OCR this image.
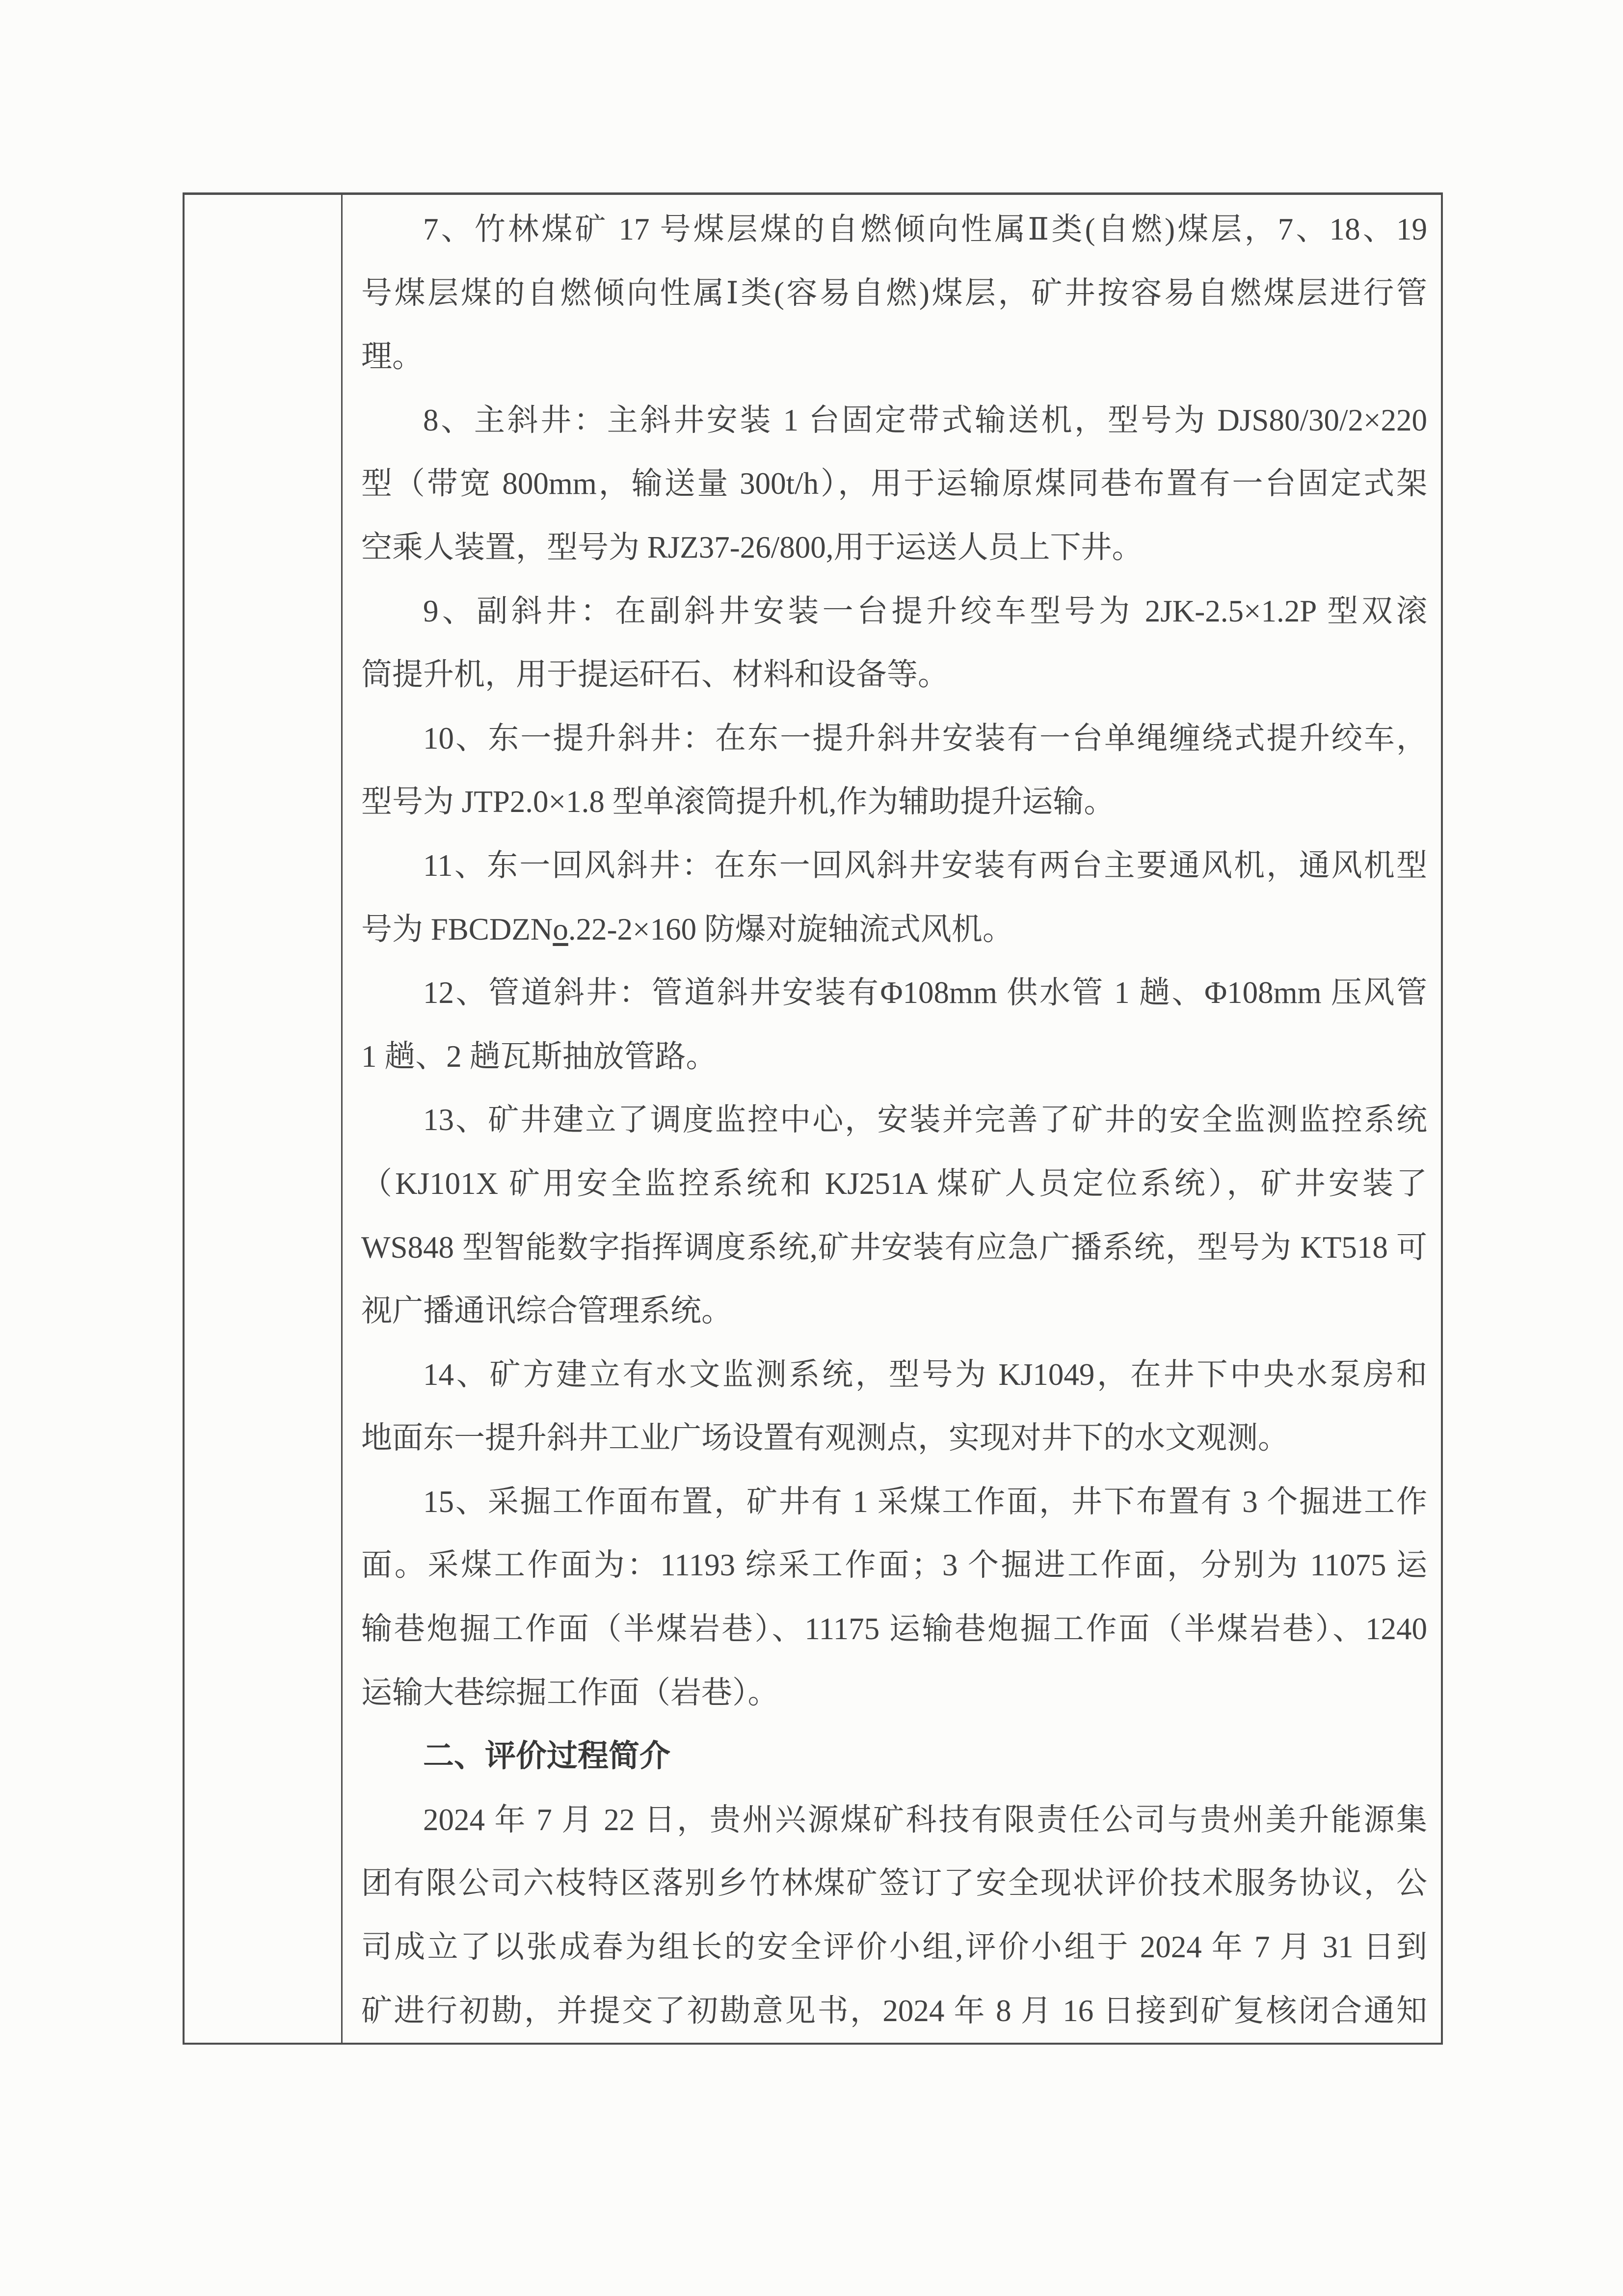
7、竹林煤矿 17 号煤层煤的自燃倾向性属Ⅱ类(自燃)煤层，7、18、19
号煤层煤的自燃倾向性属Ⅰ类(容易自燃)煤层，矿井按容易自燃煤层进行管
理。
8、主斜井：主斜井安装 1 台固定带式输送机，型号为 DJS80/30/2×220
型（带宽 800mm，输送量 300t/h），用于运输原煤同巷布置有一台固定式架
空乘人装置，型号为 RJZ37-26/800,用于运送人员上下井。
9、副斜井：在副斜井安装一台提升绞车型号为 2JK-2.5×1.2P 型双滚
筒提升机，用于提运矸石、材料和设备等。
10、东一提升斜井：在东一提升斜井安装有一台单绳缠绕式提升绞车，
型号为 JTP2.0×1.8 型单滚筒提升机,作为辅助提升运输。
11、东一回风斜井：在东一回风斜井安装有两台主要通风机，通风机型
号为 FBCDZNo.22-2×160 防爆对旋轴流式风机。
12、管道斜井：管道斜井安装有Φ108mm 供水管 1 趟、Φ108mm 压风管
1 趟、2 趟瓦斯抽放管路。
13、矿井建立了调度监控中心，安装并完善了矿井的安全监测监控系统
（KJ101X 矿用安全监控系统和 KJ251A 煤矿人员定位系统），矿井安装了
WS848 型智能数字指挥调度系统,矿井安装有应急广播系统，型号为 KT518 可
视广播通讯综合管理系统。
14、矿方建立有水文监测系统，型号为 KJ1049，在井下中央水泵房和
地面东一提升斜井工业广场设置有观测点，实现对井下的水文观测。
15、采掘工作面布置，矿井有 1 采煤工作面，井下布置有 3 个掘进工作
面。采煤工作面为：11193 综采工作面；3 个掘进工作面，分别为 11075 运
输巷炮掘工作面（半煤岩巷）、11175 运输巷炮掘工作面（半煤岩巷）、1240
运输大巷综掘工作面（岩巷）。
二、评价过程简介
2024 年 7 月 22 日，贵州兴源煤矿科技有限责任公司与贵州美升能源集
团有限公司六枝特区落别乡竹林煤矿签订了安全现状评价技术服务协议，公
司成立了以张成春为组长的安全评价小组,评价小组于 2024 年 7 月 31 日到
矿进行初勘，并提交了初勘意见书，2024 年 8 月 16 日接到矿复核闭合通知
